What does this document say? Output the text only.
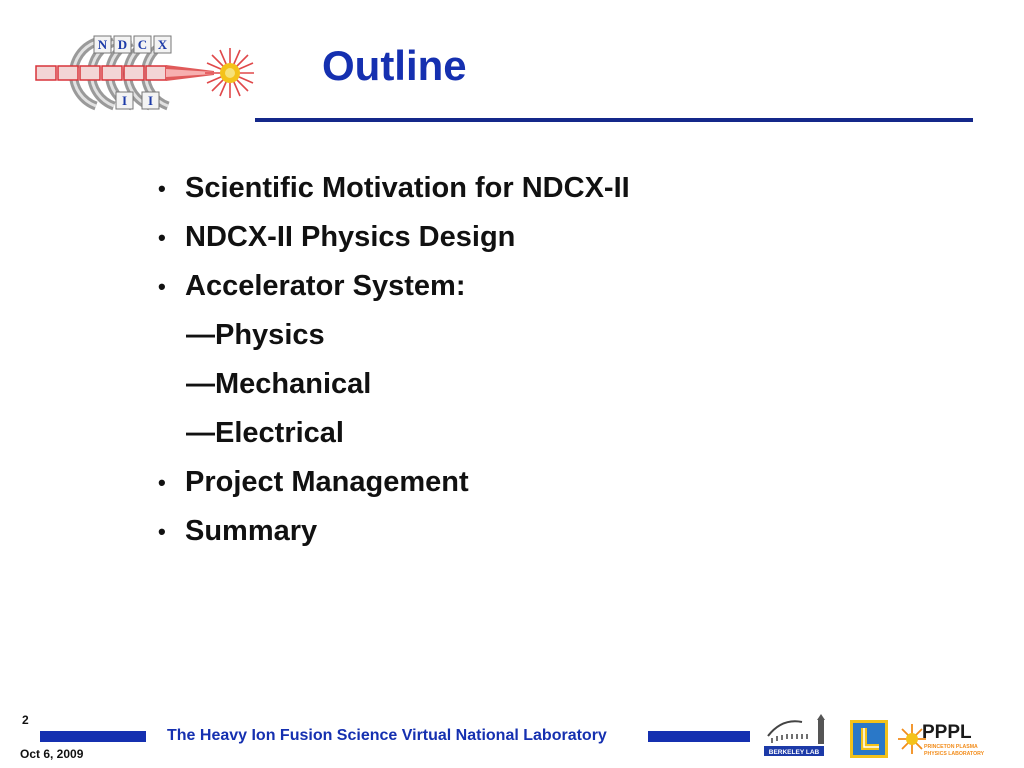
N D C X
I I
Outline
• Scientific Motivation for NDCX-II
• NDCX-II Physics Design
• Accelerator System:
—Physics
—Mechanical
—Electrical
• Project Management
• Summary
2
The Heavy Ion Fusion Science Virtual National Laboratory
Oct 6, 2009	BERKELEY LAB
PPPL
PRINCETON PLASMA
PHYSICS LABORATORY
